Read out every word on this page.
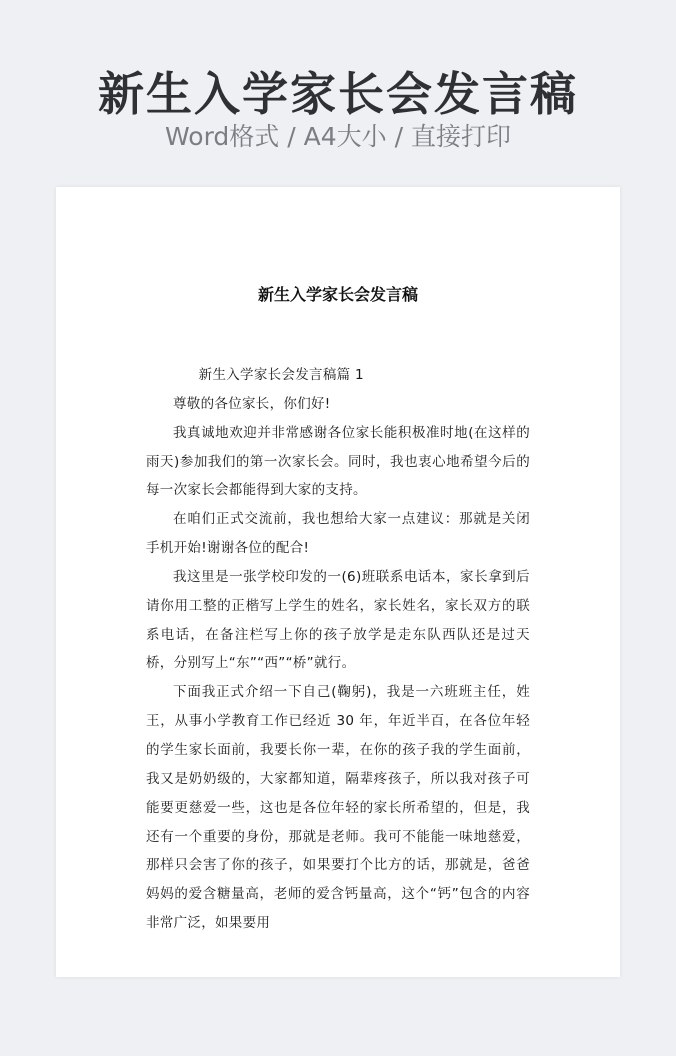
新生入学家长会发言稿
Word格式 / A4大小 / 直接打印
新生入学家长会发言稿

新生入学家长会发言稿篇 1

尊敬的各位家长，你们好!

我真诚地欢迎并非常感谢各位家长能积极准时地(在这样的雨天)参加我们的第一次家长会。同时，我也衷心地希望今后的每一次家长会都能得到大家的支持。

在咱们正式交流前，我也想给大家一点建议：那就是关闭手机开始!谢谢各位的配合!

我这里是一张学校印发的一(6)班联系电话本，家长拿到后请你用工整的正楷写上学生的姓名，家长姓名，家长双方的联系电话，在备注栏写上你的孩子放学是走东队西队还是过天桥，分别写上“东”“西”“桥”就行。

下面我正式介绍一下自己(鞠躬)，我是一六班班主任，姓王，从事小学教育工作已经近 30 年，年近半百，在各位年轻的学生家长面前，我要长你一辈，在你的孩子我的学生面前，我又是奶奶级的，大家都知道，隔辈疼孩子，所以我对孩子可能要更慈爱一些，这也是各位年轻的家长所希望的，但是，我还有一个重要的身份，那就是老师。我可不能能一味地慈爱，那样只会害了你的孩子，如果要打个比方的话，那就是，爸爸妈妈的爱含糖量高，老师的爱含钙量高，这个“钙”包含的内容非常广泛，如果要用
